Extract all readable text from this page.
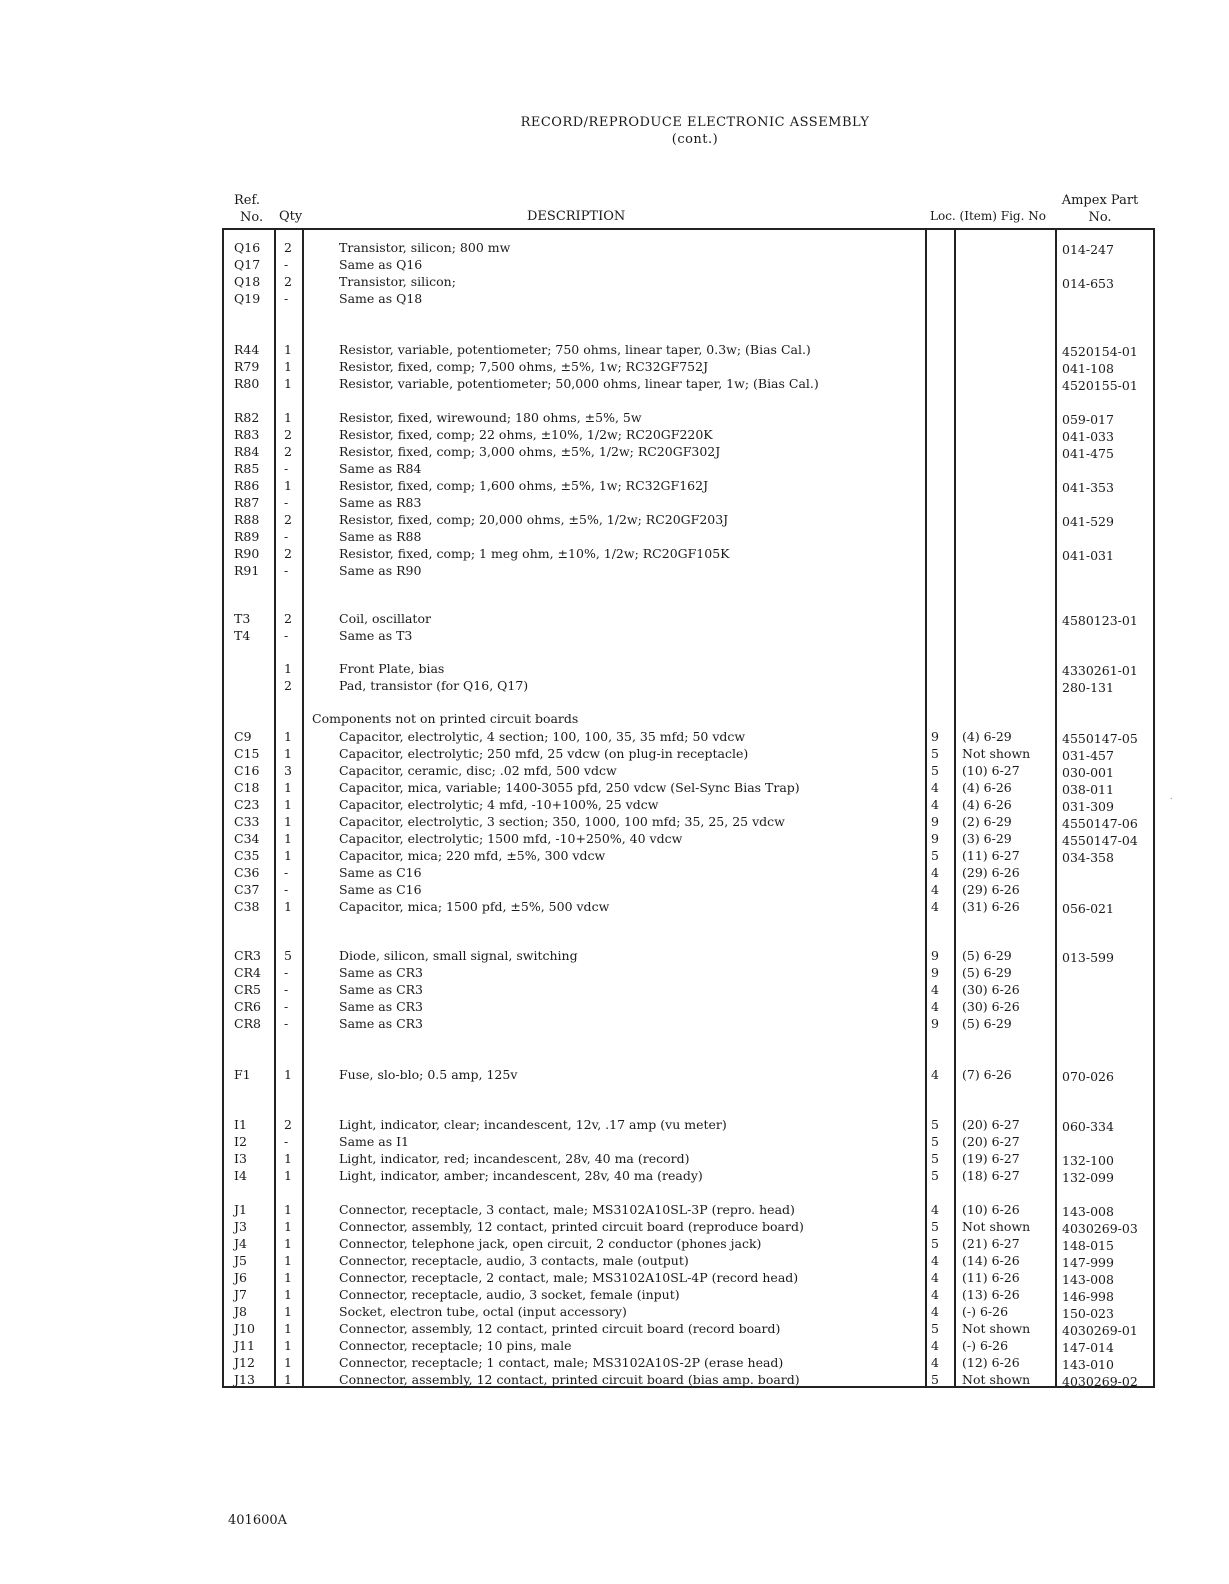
RECORD/REPRODUCE ELECTRONIC ASSEMBLY
(cont.)
Ref.
No. Qty	DESCRIPTION	Loc. (Item) Fig. No
Ampex Part
No.
Q16 2	Transistor, silicon; 800 mw	014-247
Q17 -	Same as Q16
Q18 2	Transistor, silicon;	014-653
Q19 -	Same as Q18
R44 1	Resistor, variable, potentiometer; 750 ohms, linear taper, 0.3w; (Bias Cal.)	4520154-01
R79 1	Resistor, fixed, comp; 7,500 ohms, ±5%, 1w; RC32GF752J	041-108
R80 1	Resistor, variable, potentiometer; 50,000 ohms, linear taper, 1w; (Bias Cal.)	4520155-01
R82 1	Resistor, fixed, wirewound; 180 ohms, ±5%, 5w	059-017
R83 2	Resistor, fixed, comp; 22 ohms, ±10%, 1/2w; RC20GF220K	041-033
R84 2	Resistor, fixed, comp; 3,000 ohms, ±5%, 1/2w; RC20GF302J	041-475
R85 -	Same as R84
R86 1	Resistor, fixed, comp; 1,600 ohms, ±5%, 1w; RC32GF162J	041-353
R87 -	Same as R83
R88 2	Resistor, fixed, comp; 20,000 ohms, ±5%, 1/2w; RC20GF203J	041-529
R89 -	Same as R88
R90 2	Resistor, fixed, comp; 1 meg ohm, ±10%, 1/2w; RC20GF105K	041-031
R91 -	Same as R90
T3	2	Coil, oscillator	4580123-01
T4	-	Same as T3
1	Front Plate, bias	4330261-01
2	Pad, transistor (for Q16, Q17)	280-131
C9	1	Capacitor, electrolytic, 4 section; 100, 100, 35, 35 mfd; 50 vdcw	9 (4) 6-29	4550147-05
C15 1	Capacitor, electrolytic; 250 mfd, 25 vdcw (on plug-in receptacle)	5 Not shown	031-457
C16 3	Capacitor, ceramic, disc; .02 mfd, 500 vdcw	5 (10) 6-27	030-001
C18 1	Capacitor, mica, variable; 1400-3055 pfd, 250 vdcw (Sel-Sync Bias Trap)	4 (4) 6-26	038-011
C23 1	Capacitor, electrolytic; 4 mfd, -10+100%, 25 vdcw	4 (4) 6-26	031-309
C33 1	Capacitor, electrolytic, 3 section; 350, 1000, 100 mfd; 35, 25, 25 vdcw	9 (2) 6-29	4550147-06
C34 1	Capacitor, electrolytic; 1500 mfd, -10+250%, 40 vdcw	9 (3) 6-29	4550147-04
C35 1	Capacitor, mica; 220 mfd, ±5%, 300 vdcw	5 (11) 6-27	034-358
C36 -	Same as C16	4 (29) 6-26
C37 -	Same as C16	4 (29) 6-26
C38 1	Capacitor, mica; 1500 pfd, ±5%, 500 vdcw	4 (31) 6-26	056-021
CR3 5	Diode, silicon, small signal, switching	9 (5) 6-29	013-599
CR4 -	Same as CR3	9 (5) 6-29
CR5 -	Same as CR3	4 (30) 6-26
CR6 -	Same as CR3	4 (30) 6-26
CR8 -	Same as CR3	9 (5) 6-29
F1	1	Fuse, slo-blo; 0.5 amp, 125v	4 (7) 6-26	070-026
I1	2	Light, indicator, clear; incandescent, 12v, .17 amp (vu meter)	5 (20) 6-27	060-334
I2	-	Same as I1	5 (20) 6-27
I3	1	Light, indicator, red; incandescent, 28v, 40 ma (record)	5 (19) 6-27	132-100
I4	1	Light, indicator, amber; incandescent, 28v, 40 ma (ready)	5 (18) 6-27	132-099
J1	1	Connector, receptacle, 3 contact, male; MS3102A10SL-3P (repro. head)	4 (10) 6-26	143-008
J3	1	Connector, assembly, 12 contact, printed circuit board (reproduce board)	5 Not shown	4030269-03
J4	1	Connector, telephone jack, open circuit, 2 conductor (phones jack)	5 (21) 6-27	148-015
J5	1	Connector, receptacle, audio, 3 contacts, male (output)	4 (14) 6-26	147-999
J6	1	Connector, receptacle, 2 contact, male; MS3102A10SL-4P (record head)	4 (11) 6-26	143-008
J7	1	Connector, receptacle, audio, 3 socket, female (input)	4 (13) 6-26	146-998
J8	1	Socket, electron tube, octal (input accessory)	4 (-) 6-26	150-023
J10 1	Connector, assembly, 12 contact, printed circuit board (record board)	5 Not shown	4030269-01
J11 1	Connector, receptacle; 10 pins, male	4 (-) 6-26	147-014
J12 1	Connector, receptacle; 1 contact, male; MS3102A10S-2P (erase head)	4 (12) 6-26	143-010
J13 1	Connector, assembly, 12 contact, printed circuit board (bias amp. board)	5 Not shown	4030269-02
Components not on printed circuit boards
401600A
.
